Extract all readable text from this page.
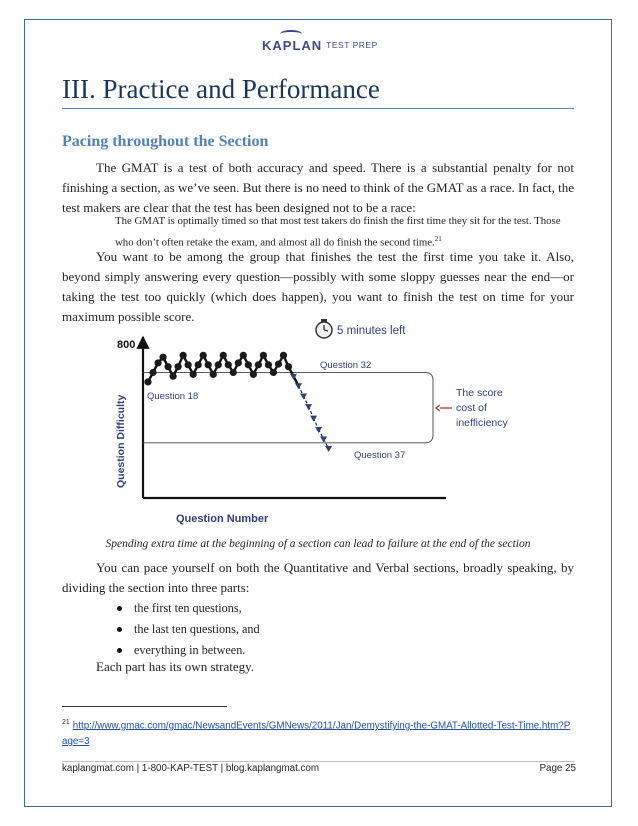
KAPLAN TEST PREP
III. Practice and Performance
Pacing throughout the Section

The GMAT is a test of both accuracy and speed. There is a substantial penalty for not finishing a section, as we’ve seen. But there is no need to think of the GMAT as a race. In fact, the test makers are clear that the test has been designed not to be a race:

The GMAT is optimally timed so that most test takers do finish the first time they sit for the test. Those who don’t often retake the exam, and almost all do finish the second time.$^{21}$

You want to be among the group that finishes the test the first time you take it. Also, beyond simply answering every question—possibly with some sloppy guesses near the end—or taking the test too quickly (which does happen), you want to finish the test on time for your maximum possible score.

800
Question Difficulty
Question Number
5 minutes left
Question 32
Question 18
Question 37
The score
cost of
inefficiency

Spending extra time at the beginning of a section can lead to failure at the end of the section

You can pace yourself on both the Quantitative and Verbal sections, broadly speaking, by dividing the section into three parts:

the first ten questions,
the last ten questions, and
everything in between.

Each part has its own strategy.

$^{21}$ http://www.gmac.com/gmac/NewsandEvents/GMNews/2011/Jan/Demystifying-the-GMAT-Allotted-Test-Time.htm?Page=3

kaplangmat.com | 1-800-KAP-TEST | blog.kaplangmat.com	Page 25
